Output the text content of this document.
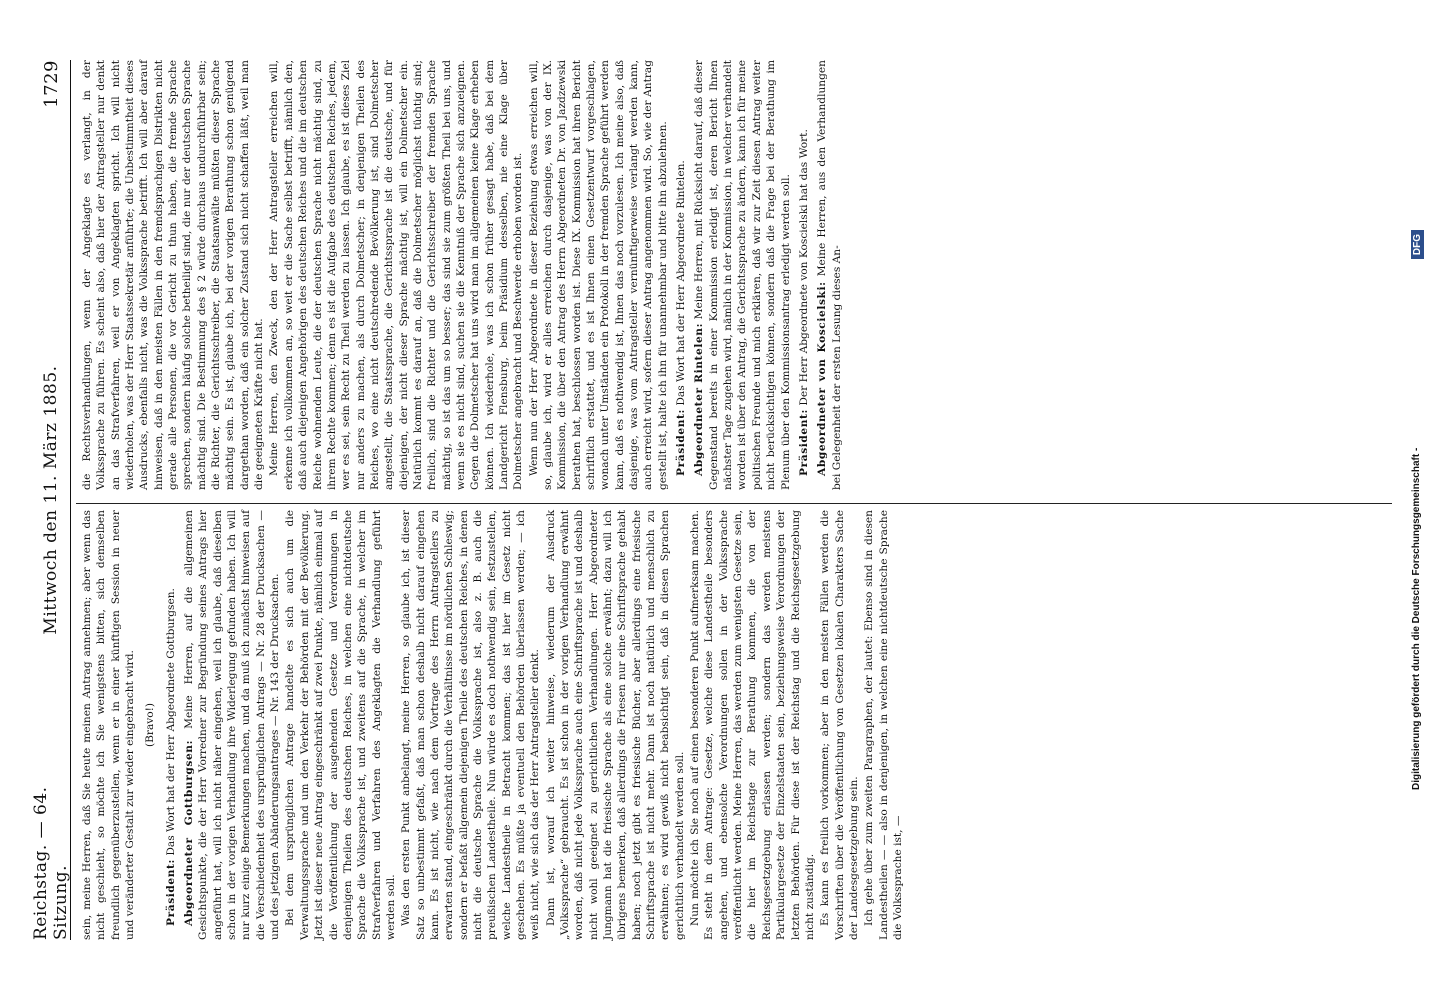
Reichstag. — 64. Sitzung.
Mittwoch den 11. März 1885.
1729

sein, meine Herren, daß Sie heute meinen Antrag annehmen; aber wenn das nicht geschieht, so möchte ich Sie wenigstens bitten, sich demselben freundlich gegenüberzustellen, wenn er in einer künftigen Session in neuer und veränderter Gestalt zur wieder eingebracht wird. (Bravo!)

Präsident: Das Wort hat der Herr Abgeordnete Gottburgsen. Abgeordneter Gottburgsen: Meine Herren, auf die allgemeinen Gesichtspunkte, die der Herr Vorredner zur Begründung seines Antrags hier angeführt hat, will ich nicht näher eingehen, weil ich glaube, daß dieselben schon in der vorigen Verhandlung ihre Widerlegung gefunden haben. Ich will nur kurz einige Bemerkungen machen, und da muß ich zunächst hinweisen auf die Verschiedenheit des ursprünglichen Antrags — Nr. 28 der Drucksachen — und des jetzigen Abänderungsantrages — Nr. 143 der Drucksachen. Bei dem ursprünglichen Antrage handelte es sich auch um die Verwaltungssprache und um den Verkehr der Behörden mit der Bevölkerung. Jetzt ist dieser neue Antrag eingeschränkt auf zwei Punkte, nämlich einmal auf die Veröffentlichung der ausgehenden Gesetze und Verordnungen in denjenigen Theilen des deutschen Reiches, in welchen eine nichtdeutsche Sprache die Volkssprache ist, und zweitens auf die Sprache, in welcher im Strafverfahren und Verfahren des Angeklagten die Verhandlung geführt werden soll. Was den ersten Punkt anbelangt, meine Herren, so glaube ich, ist dieser Satz so unbestimmt gefaßt, daß man schon deshalb nicht darauf eingehen kann. Es ist nicht, wie nach dem Vortrage des Herrn Antragstellers zu erwarten stand, eingeschränkt durch die Verhältnisse im nördlichen Schleswig; sondern er befaßt allgemein diejenigen Theile des deutschen Reiches, in denen nicht die deutsche Sprache die Volkssprache ist, also z. B. auch die preußischen Landestheile. Nun würde es doch nothwendig sein, festzustellen, welche Landestheile in Betracht kommen; das ist hier im Gesetz nicht geschehen. Es müßte ja eventuell den Behörden überlassen werden; — ich weiß nicht, wie sich das der Herr Antragsteller denkt. Dann ist, worauf ich weiter hinweise, wiederum der Ausdruck „Volkssprache“ gebraucht. Es ist schon in der vorigen Verhandlung erwähnt worden, daß nicht jede Volkssprache auch eine Schriftsprache ist und deshalb nicht wohl geeignet zu gerichtlichen Verhandlungen. Herr Abgeordneter Jungmann hat die friesische Sprache als eine solche erwähnt; dazu will ich übrigens bemerken, daß allerdings die Friesen nur eine Schriftsprache gehabt haben; noch jetzt gibt es friesische Bücher, aber allerdings eine friesische Schriftsprache ist nicht mehr. Dann ist noch natürlich und menschlich zu erwähnen; es wird gewiß nicht beabsichtigt sein, daß in diesen Sprachen gerichtlich verhandelt werden soll. Nun möchte ich Sie noch auf einen besonderen Punkt aufmerksam machen. Es steht in dem Antrage: Gesetze, welche diese Landestheile besonders angehen, und ebensolche Verordnungen sollen in der Volkssprache veröffentlicht werden. Meine Herren, das werden zum wenigsten Gesetze sein, die hier im Reichstage zur Berathung kommen, die von der Reichsgesetzgebung erlassen werden; sondern das werden meistens Partikulargesetze der Einzelstaaten sein, beziehungsweise Verordnungen der letzten Behörden. Für diese ist der Reichstag und die Reichsgesetzgebung nicht zuständig. Es kann es freilich vorkommen; aber in den meisten Fällen werden die Vorschriften über die Veröffentlichung von Gesetzen lokalen Charakters Sache der Landesgesetzgebung sein. Ich gehe über zum zweiten Paragraphen, der lautet: Ebenso sind in diesen Landestheilen — — also in denjenigen, in welchen eine nichtdeutsche Sprache die Volkssprache ist, —

die Rechtsverhandlungen, wenn der Angeklagte es verlangt, in der Volkssprache zu führen. Es scheint also, daß hier der Antragsteller nur denkt an das Strafverfahren, weil er von Angeklagten spricht. Ich will nicht wiederholen, was der Herr Staatssekretär anführte; die Unbestimmtheit dieses Ausdrucks, ebenfalls nicht, was die Volkssprache betrifft. Ich will aber darauf hinweisen, daß in den meisten Fällen in den fremdsprachigen Distrikten nicht gerade alle Personen, die vor Gericht zu thun haben, die fremde Sprache sprechen, sondern häufig solche betheiligt sind, die nur der deutschen Sprache mächtig sind. Die Bestimmung des § 2 würde durchaus undurchführbar sein; die Richter, die Gerichtsschreiber, die Staatsanwälte müßten dieser Sprache mächtig sein. Es ist, glaube ich, bei der vorigen Berathung schon genügend dargethan worden, daß ein solcher Zustand sich nicht schaffen läßt, weil man die geeigneten Kräfte nicht hat. Meine Herren, den Zweck, den der Herr Antragsteller erreichen will, erkenne ich vollkommen an, so weit er die Sache selbst betrifft, nämlich den, daß auch diejenigen Angehörigen des deutschen Reiches und die im deutschen Reiche wohnenden Leute, die der deutschen Sprache nicht mächtig sind, zu ihrem Rechte kommen; denn es ist die Aufgabe des deutschen Reiches, jedem, wer es sei, sein Recht zu Theil werden zu lassen. Ich glaube, es ist dieses Ziel nur anders zu machen, als durch Dolmetscher; in denjenigen Theilen des Reiches, wo eine nicht deutschredende Bevölkerung ist, sind Dolmetscher angestellt, die Staatssprache, die Gerichtssprache ist die deutsche, und für diejenigen, der nicht dieser Sprache mächtig ist, will ein Dolmetscher ein. Natürlich kommt es darauf an, daß die Dolmetscher möglichst tüchtig sind; freilich, sind die Richter und die Gerichtsschreiber der fremden Sprache mächtig, so ist das um so besser; das sind sie zum größten Theil bei uns, und wenn sie es nicht sind, suchen sie die Kenntniß der Sprache sich anzueignen. Gegen die Dolmetscher hat uns wird man im allgemeinen keine Klage erheben können. Ich wiederhole, was ich schon früher gesagt habe, daß bei dem Landgericht Flensburg, beim Präsidium desselben, nie eine Klage über Dolmetscher angebracht und Beschwerde erhoben worden ist. Wenn nun der Herr Abgeordnete in dieser Beziehung etwas erreichen will, so, glaube ich, wird er alles erreichen durch dasjenige, was von der IX. Kommission, die über den Antrag des Herrn Abgeordneten Dr. von Jazdzewski berathen hat, beschlossen worden ist. Diese IX. Kommission hat ihren Bericht schriftlich erstattet, und es ist Ihnen einen Gesetzentwurf vorgeschlagen, wonach unter Umständen ein Protokoll in der fremden Sprache geführt werden kann, daß es nothwendig ist, Ihnen das noch vorzulesen. Ich meine also, daß dasjenige, was vom Antragsteller vernünftigerweise verlangt werden kann, auch erreicht wird, sofern dieser Antrag angenommen wird. So, wie der Antrag gestellt ist, halte ich ihn für unannehmbar und bitte ihn abzulehnen. Präsident: Das Wort hat der Herr Abgeordnete Rintelen. Abgeordneter Rintelen: Meine Herren, mit Rücksicht darauf, daß dieser Gegenstand bereits in einer Kommission erledigt ist, deren Bericht Ihnen nächster Tage zugehen wird, nämlich in der Kommission, in welcher verhandelt worden ist über den Antrag, die Gerichtssprache zu ändern, kann ich für meine politischen Freunde und mich erklären, daß wir zur Zeit diesen Antrag weiter nicht berücksichtigen können, sondern daß die Frage bei der Berathung im Plenum über den Kommissionsantrag erledigt werden soll. Präsident: Der Herr Abgeordnete von Koscielski hat das Wort. Abgeordneter von Koscielski: Meine Herren, aus den Verhandlungen bei Gelegenheit der ersten Lesung dieses An-

Digitalisierung gefördert durch die Deutsche Forschungsgemeinschaft -
DFG
